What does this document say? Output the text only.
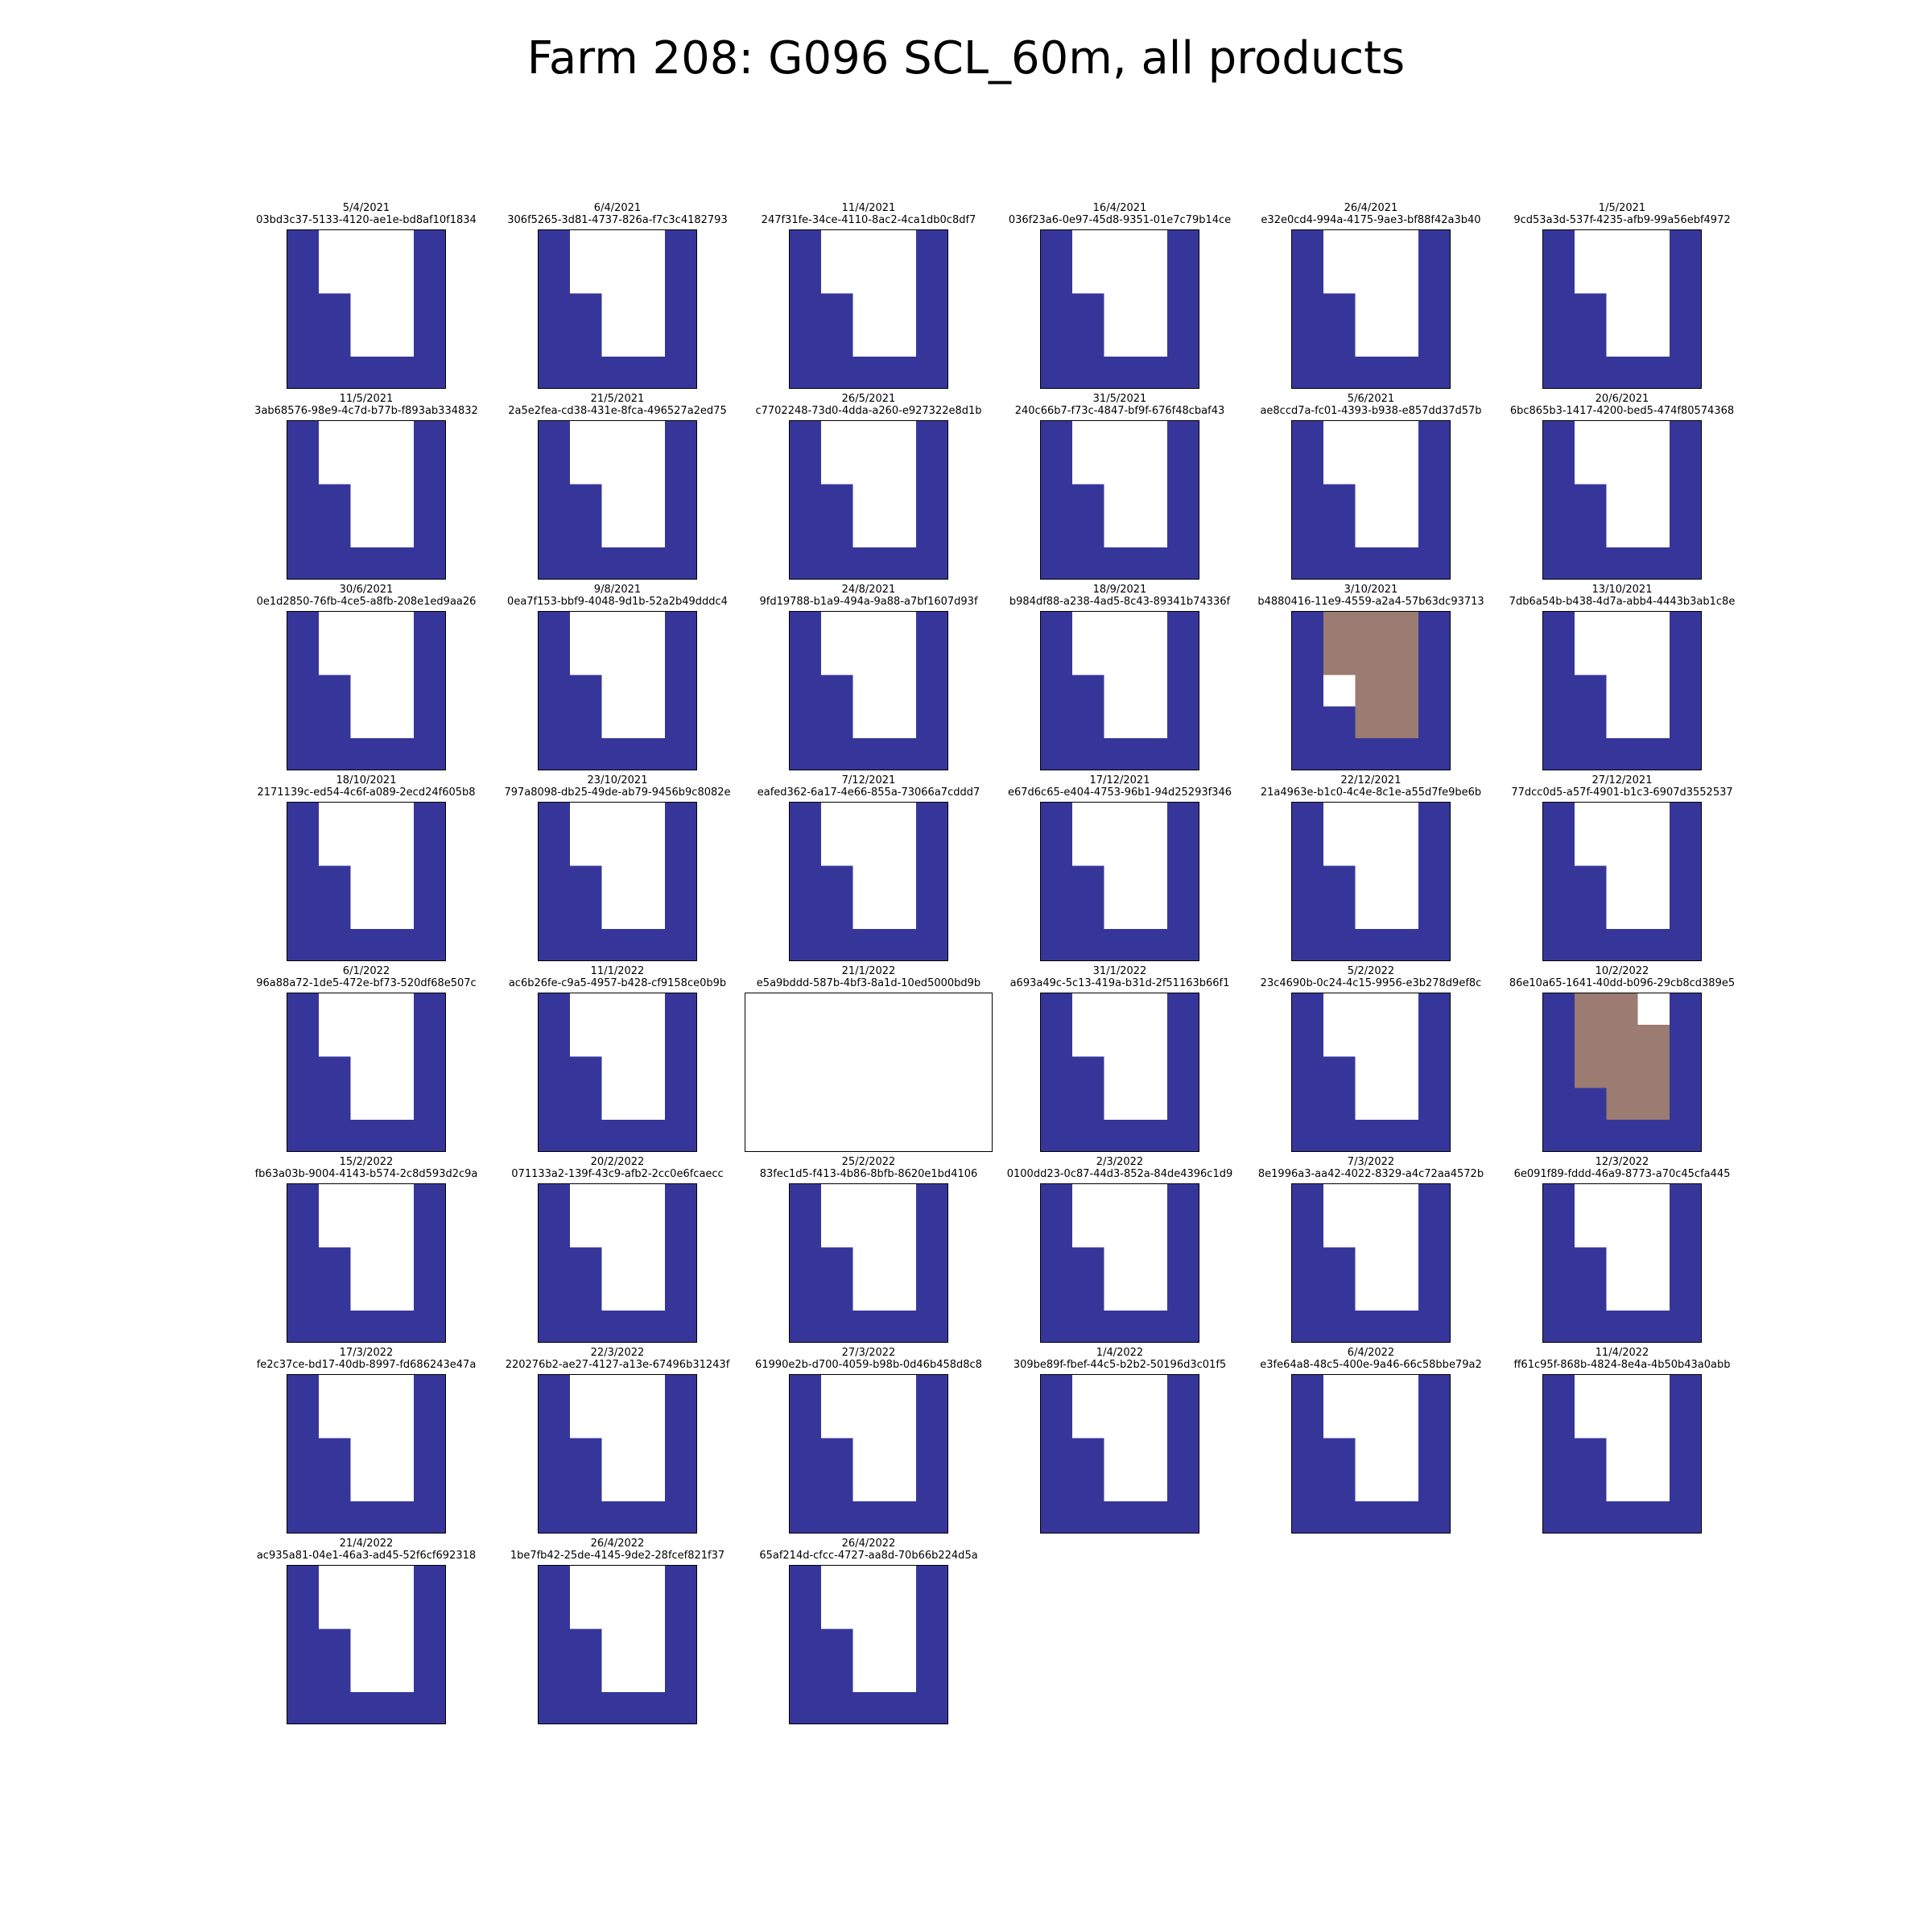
Farm 208: G096 SCL_60m, all products
5/4/2021
03bd3c37-5133-4120-ae1e-bd8af10f1834
6/4/2021
306f5265-3d81-4737-826a-f7c3c4182793
11/4/2021
247f31fe-34ce-4110-8ac2-4ca1db0c8df7
16/4/2021
036f23a6-0e97-45d8-9351-01e7c79b14ce
26/4/2021
e32e0cd4-994a-4175-9ae3-bf88f42a3b40
1/5/2021
9cd53a3d-537f-4235-afb9-99a56ebf4972
11/5/2021
3ab68576-98e9-4c7d-b77b-f893ab334832
21/5/2021
2a5e2fea-cd38-431e-8fca-496527a2ed75
26/5/2021
c7702248-73d0-4dda-a260-e927322e8d1b
31/5/2021
240c66b7-f73c-4847-bf9f-676f48cbaf43
5/6/2021
ae8ccd7a-fc01-4393-b938-e857dd37d57b
20/6/2021
6bc865b3-1417-4200-bed5-474f80574368
30/6/2021
0e1d2850-76fb-4ce5-a8fb-208e1ed9aa26
9/8/2021
0ea7f153-bbf9-4048-9d1b-52a2b49dddc4
24/8/2021
9fd19788-b1a9-494a-9a88-a7bf1607d93f
18/9/2021
b984df88-a238-4ad5-8c43-89341b74336f
3/10/2021
b4880416-11e9-4559-a2a4-57b63dc93713
13/10/2021
7db6a54b-b438-4d7a-abb4-4443b3ab1c8e
18/10/2021
2171139c-ed54-4c6f-a089-2ecd24f605b8
23/10/2021
797a8098-db25-49de-ab79-9456b9c8082e
7/12/2021
eafed362-6a17-4e66-855a-73066a7cddd7
17/12/2021
e67d6c65-e404-4753-96b1-94d25293f346
22/12/2021
21a4963e-b1c0-4c4e-8c1e-a55d7fe9be6b
27/12/2021
77dcc0d5-a57f-4901-b1c3-6907d3552537
6/1/2022
96a88a72-1de5-472e-bf73-520df68e507c
11/1/2022
ac6b26fe-c9a5-4957-b428-cf9158ce0b9b
21/1/2022
e5a9bddd-587b-4bf3-8a1d-10ed5000bd9b
31/1/2022
a693a49c-5c13-419a-b31d-2f51163b66f1
5/2/2022
23c4690b-0c24-4c15-9956-e3b278d9ef8c
10/2/2022
86e10a65-1641-40dd-b096-29cb8cd389e5
15/2/2022
fb63a03b-9004-4143-b574-2c8d593d2c9a
20/2/2022
071133a2-139f-43c9-afb2-2cc0e6fcaecc
25/2/2022
83fec1d5-f413-4b86-8bfb-8620e1bd4106
2/3/2022
0100dd23-0c87-44d3-852a-84de4396c1d9
7/3/2022
8e1996a3-aa42-4022-8329-a4c72aa4572b
12/3/2022
6e091f89-fddd-46a9-8773-a70c45cfa445
17/3/2022
fe2c37ce-bd17-40db-8997-fd686243e47a
22/3/2022
220276b2-ae27-4127-a13e-67496b31243f
27/3/2022
61990e2b-d700-4059-b98b-0d46b458d8c8
1/4/2022
309be89f-fbef-44c5-b2b2-50196d3c01f5
6/4/2022
e3fe64a8-48c5-400e-9a46-66c58bbe79a2
11/4/2022
ff61c95f-868b-4824-8e4a-4b50b43a0abb
21/4/2022
ac935a81-04e1-46a3-ad45-52f6cf692318
26/4/2022
1be7fb42-25de-4145-9de2-28fcef821f37
26/4/2022
65af214d-cfcc-4727-aa8d-70b66b224d5a
